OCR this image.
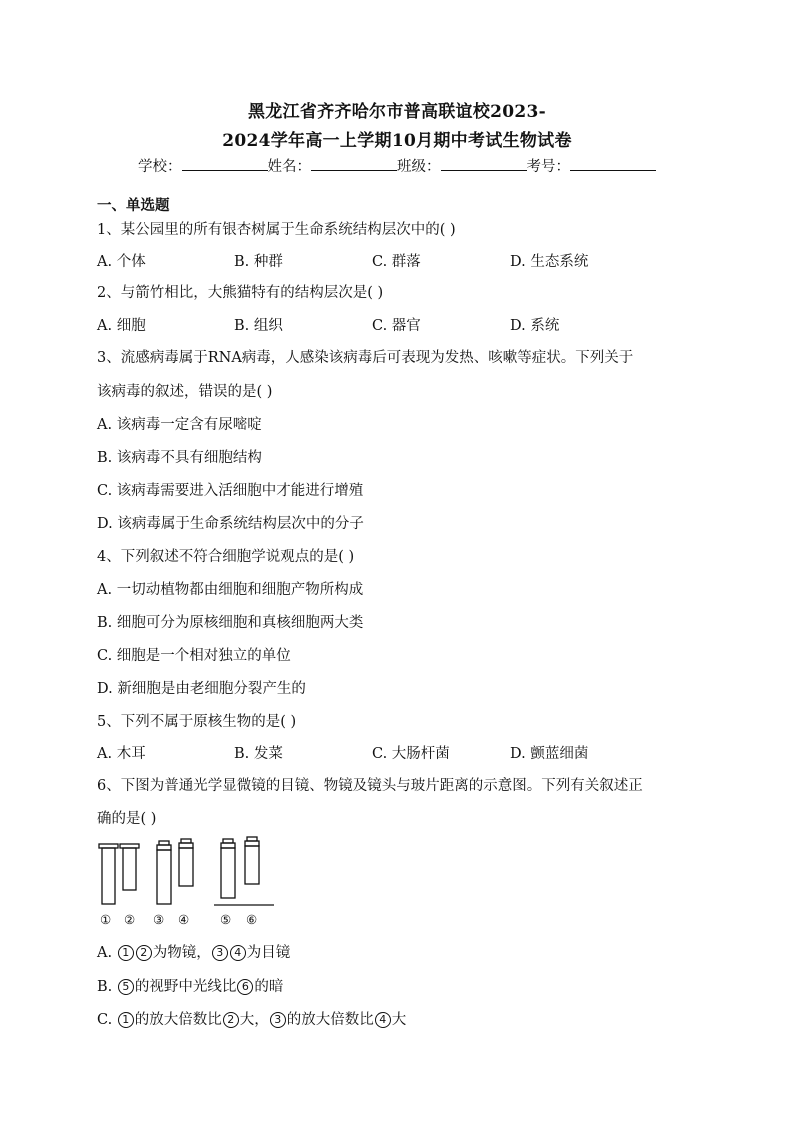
黑龙江省齐齐哈尔市普高联谊校2023-
2024学年高一上学期10月期中考试生物试卷
学校：	姓名：	班级：	考号：
一、单选题
1、某公园里的所有银杏树属于生命系统结构层次中的( )
A. 个体	B. 种群	C. 群落	D. 生态系统
2、与箭竹相比，大熊猫特有的结构层次是( )
A. 细胞	B. 组织	C. 器官	D. 系统
3、流感病毒属于RNA病毒，人感染该病毒后可表现为发热、咳嗽等症状。下列关于
该病毒的叙述，错误的是( )
A. 该病毒一定含有尿嘧啶
B. 该病毒不具有细胞结构
C. 该病毒需要进入活细胞中才能进行增殖
D. 该病毒属于生命系统结构层次中的分子
4、下列叙述不符合细胞学说观点的是( )
A. 一切动植物都由细胞和细胞产物所构成
B. 细胞可分为原核细胞和真核细胞两大类
C. 细胞是一个相对独立的单位
D. 新细胞是由老细胞分裂产生的
5、下列不属于原核生物的是( )
A. 木耳	B. 发菜	C. 大肠杆菌	D. 颤蓝细菌
6、下图为普通光学显微镜的目镜、物镜及镜头与玻片距离的示意图。下列有关叙述正
确的是( )
① ② ③ ④ ⑤ ⑥
A. 1 2 为物镜， 3 4 为目镜
B. 5 的视野中光线比 6 的暗
C. 1 的放大倍数比 2 大， 3 的放大倍数比 4 大
